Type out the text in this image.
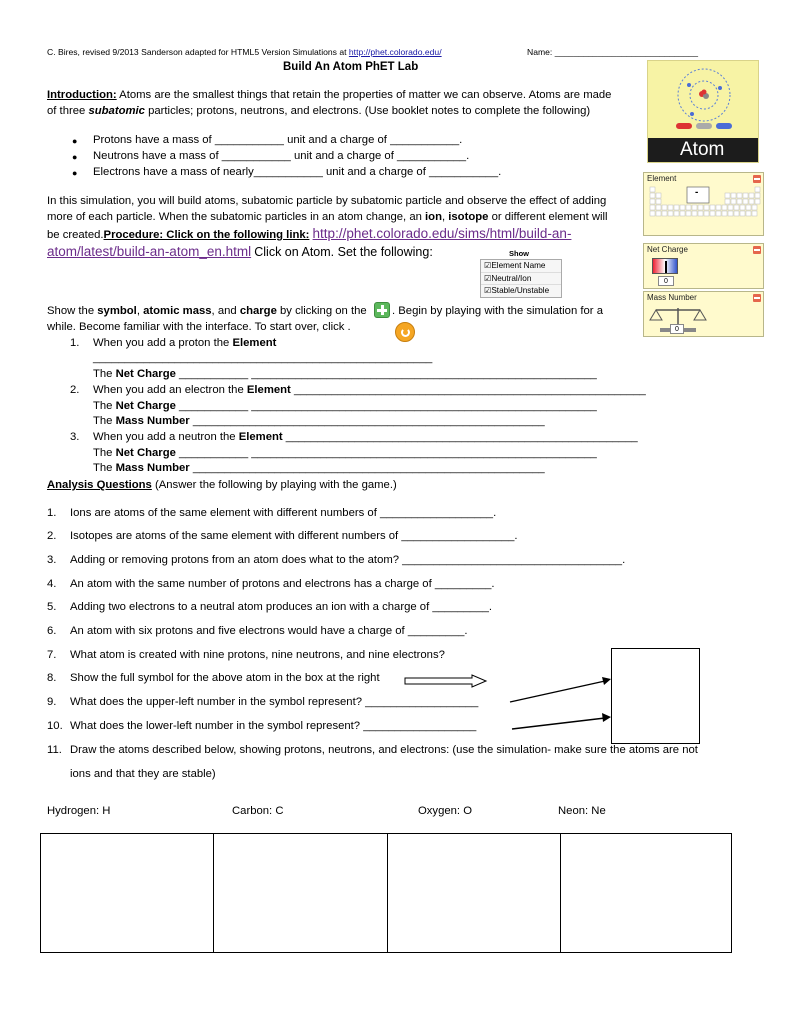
C. Bires, revised 9/2013 Sanderson adapted for HTML5 Version Simulations at http://phet.colorado.edu/	Name: ______________________________
Build An Atom PhET Lab
Introduction: Atoms are the smallest things that retain the properties of matter we can observe. Atoms are made
of three subatomic particles; protons, neutrons, and electrons. (Use booklet notes to complete the following)
● Protons have a mass of ___________ unit and a charge of ___________.
● Neutrons have a mass of ___________ unit and a charge of ___________.
● Electrons have a mass of nearly___________ unit and a charge of ___________.
In this simulation, you will build atoms, subatomic particle by subatomic particle and observe the effect of adding
more of each particle. When the subatomic particles in an atom change, an ion, isotope or different element will
be created.Procedure: Click on the following link: http://phet.colorado.edu/sims/html/build-an-
atom/latest/build-an-atom_en.html Click on Atom. Set the following:	Show
☑Element Name
☑Neutral/Ion
☑Stable/Unstable
Show the symbol, atomic mass, and charge by clicking on the . Begin by playing with the simulation for a
while. Become familiar with the interface. To start over, click .
1. When you add a proton the Element
______________________________________________________
The Net Charge ___________ _______________________________________________________
2. When you add an electron the Element ________________________________________________________
The Net Charge ___________ _______________________________________________________
The Mass Number ________________________________________________________
3. When you add a neutron the Element ________________________________________________________
The Net Charge ___________ _______________________________________________________
The Mass Number ________________________________________________________
Analysis Questions (Answer the following by playing with the game.)
1. Ions are atoms of the same element with different numbers of __________________.
2. Isotopes are atoms of the same element with different numbers of __________________.
3. Adding or removing protons from an atom does what to the atom? ___________________________________.
4. An atom with the same number of protons and electrons has a charge of _________.
5. Adding two electrons to a neutral atom produces an ion with a charge of _________.
6. An atom with six protons and five electrons would have a charge of _________.
7. What atom is created with nine protons, nine neutrons, and nine electrons?
8. Show the full symbol for the above atom in the box at the right
9. What does the upper-left number in the symbol represent? __________________
10. What does the lower-left number in the symbol represent? __________________
11. Draw the atoms described below, showing protons, neutrons, and electrons: (use the simulation- make sure the atoms are not
ions and that they are stable)
Hydrogen: H	Carbon: C	Oxygen: O	Neon: Ne
Atom
Element
-
Net Charge
0
Mass Number
0
